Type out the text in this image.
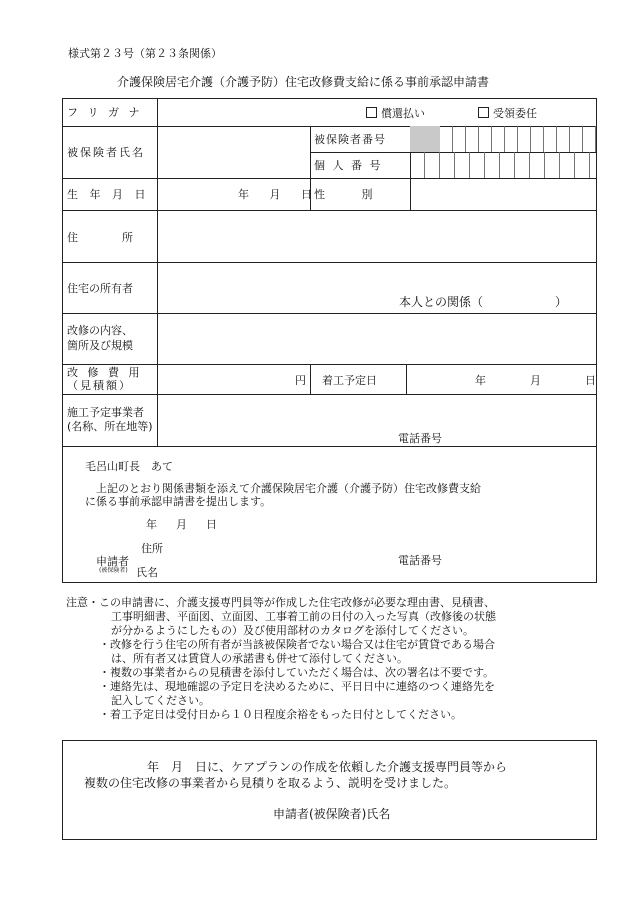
様式第２３号（第２３条関係）
介護保険居宅介護（介護予防）住宅改修費支給に係る事前承認申請書
フ リ ガ ナ	償還払い	受領委任
被保険者氏名
被保険者番号
個 人 番 号
生 年 月 日	年　 月　 日 性　　　 別
住　　　　所
住宅の所有者
本人との関係（　　　　　　）
改修の内容、
箇所及び規模
改 修 費 用
（見積額）	円 着工予定日	年　　　　月　　　　日
施工予定事業者
(名称、所在地等)
電話番号
毛呂山町長　あて
上記のとおり関係書類を添えて介護保険居宅介護（介護予防）住宅改修費支給
に係る事前承認申請書を提出します。
年　月　日
住所
申請者
(被保険者) 氏名
電話番号
注意・この申請書に、介護支援専門員等が作成した住宅改修が必要な理由書、見積書、
工事明細書、平面図、立面図、工事着工前の日付の入った写真（改修後の状態
が分かるようにしたもの）及び使用部材のカタログを添付してください。
・改修を行う住宅の所有者が当該被保険者でない場合又は住宅が賃貸である場合
は、所有者又は賃貸人の承諾書も併せて添付してください。
・複数の事業者からの見積書を添付していただく場合は、次の署名は不要です。
・連絡先は、現地確認の予定日を決めるために、平日日中に連絡のつく連絡先を
記入してください。
・着工予定日は受付日から１０日程度余裕をもった日付としてください。
年　月　日に、ケアプランの作成を依頼した介護支援専門員等から
複数の住宅改修の事業者から見積りを取るよう、説明を受けました。
申請者(被保険者)氏名
